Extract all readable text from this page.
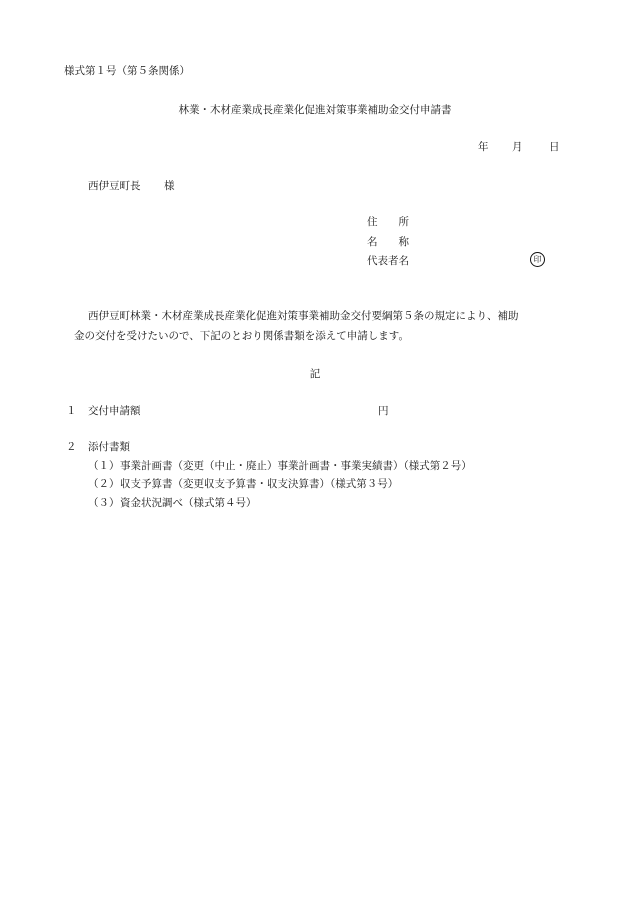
様式第１号（第５条関係）
林業・木材産業成長産業化促進対策事業補助金交付申請書
年 月	日
西伊豆町長 様
住　　所
名　　称
代表者名	印
西伊豆町林業・木材産業成長産業化促進対策事業補助金交付要綱第５条の規定により、補助
金の交付を受けたいので、下記のとおり関係書類を添えて申請します。
記
１ 交付申請額	円
２ 添付書類
（１）事業計画書（変更（中止・廃止）事業計画書・事業実績書）（様式第２号）
（２）収支予算書（変更収支予算書・収支決算書）（様式第３号）
（３）資金状況調べ（様式第４号）
